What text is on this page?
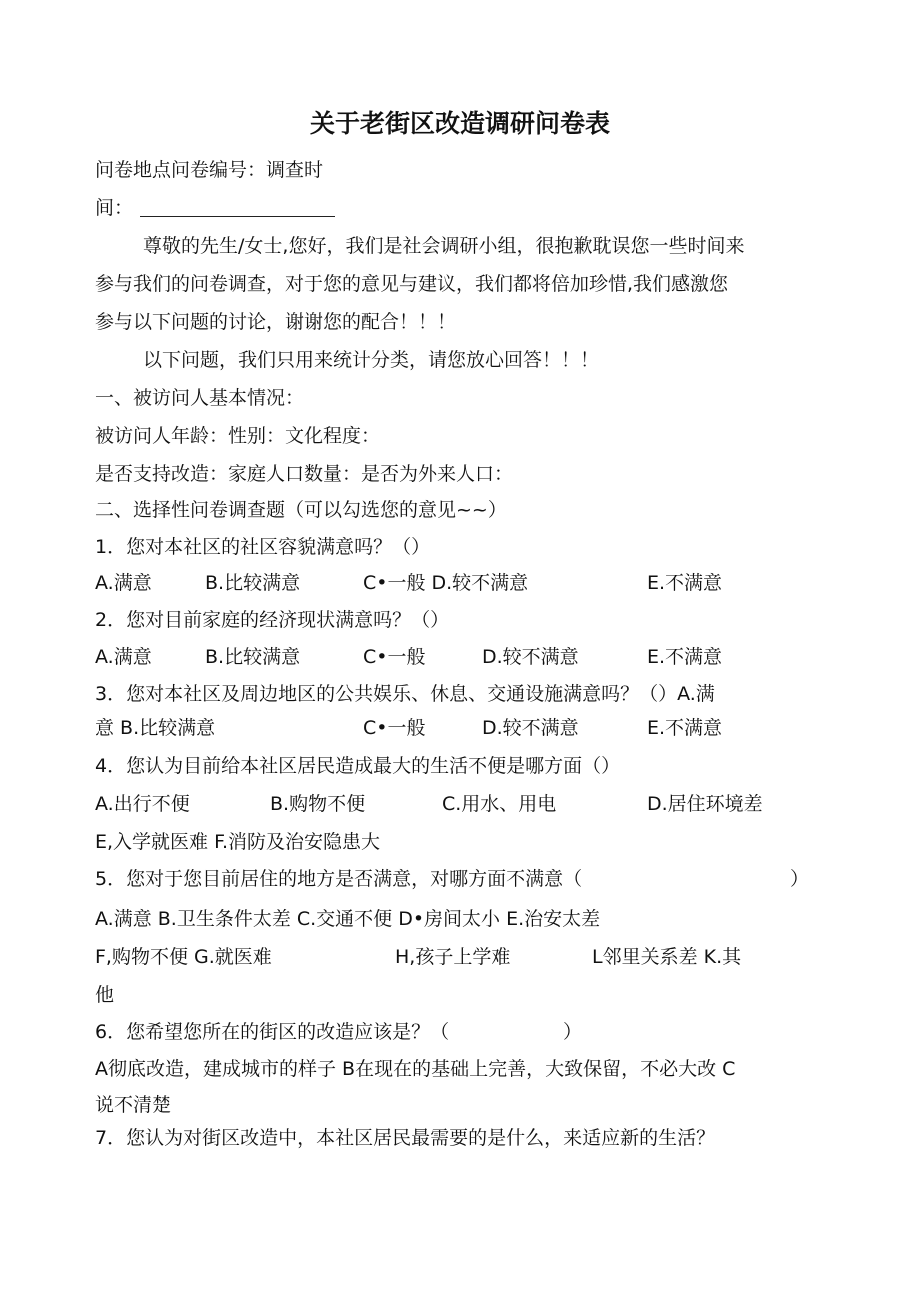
关于老街区改造调研问卷表
问卷地点问卷编号：调查时
间：
尊敬的先生/女士,您好，我们是社会调研小组，很抱歉耽误您一些时间来
参与我们的问卷调查，对于您的意见与建议，我们都将倍加珍惜,我们感激您
参与以下问题的讨论，谢谢您的配合！！！
以下问题，我们只用来统计分类，请您放心回答！！！
一、被访问人基本情况：
被访问人年龄：性别：文化程度：
是否支持改造：家庭人口数量：是否为外来人口：
二、选择性问卷调查题（可以勾选您的意见~~）
1．您对本社区的社区容貌满意吗？（）
A.满意	B.比较满意	C•一般 D.较不满意	E.不满意
2．您对目前家庭的经济现状满意吗？（）
A.满意	B.比较满意	C•一般	D.较不满意	E.不满意
3．您对本社区及周边地区的公共娱乐、休息、交通设施满意吗？（）A.满
意 B.比较满意	C•一般	D.较不满意	E.不满意
4．您认为目前给本社区居民造成最大的生活不便是哪方面（）
A.出行不便	B.购物不便	C.用水、用电	D.居住环境差
E,入学就医难 F.消防及治安隐患大
5．您对于您目前居住的地方是否满意，对哪方面不满意（	）
A.满意 B.卫生条件太差 C.交通不便 D•房间太小 E.治安太差
F,购物不便 G.就医难	H,孩子上学难	L邻里关系差 K.其
他
6．您希望您所在的街区的改造应该是？（	）
A彻底改造，建成城市的样子 B在现在的基础上完善，大致保留，不必大改 C
说不清楚
7．您认为对街区改造中，本社区居民最需要的是什么，来适应新的生活？
